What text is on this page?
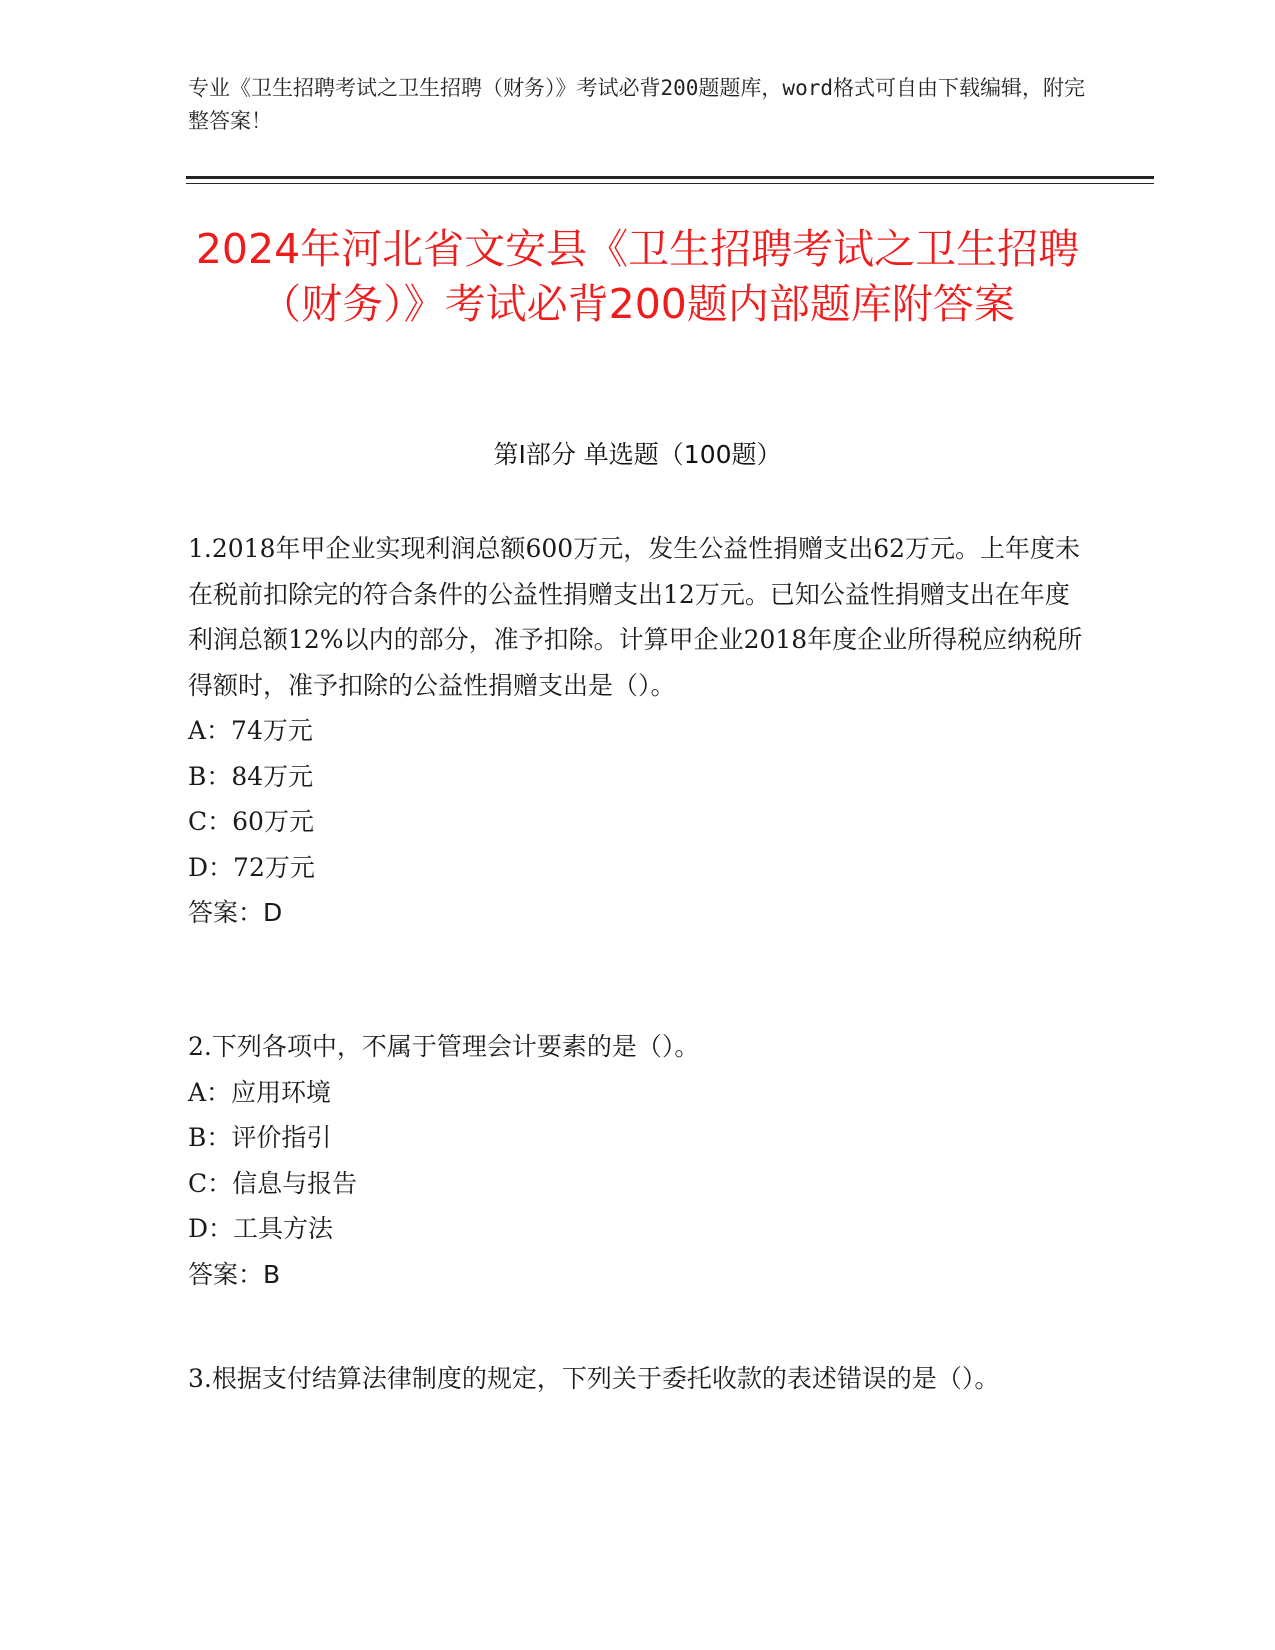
专业《卫生招聘考试之卫生招聘（财务）》考试必背200题题库，word格式可自由下载编辑，附完整答案！
2024年河北省文安县《卫生招聘考试之卫生招聘（财务）》考试必背200题内部题库附答案
第I部分 单选题（100题）
1.2018年甲企业实现利润总额600万元，发生公益性捐赠支出62万元。上年度未在税前扣除完的符合条件的公益性捐赠支出12万元。已知公益性捐赠支出在年度利润总额12%以内的部分，准予扣除。计算甲企业2018年度企业所得税应纳税所得额时，准予扣除的公益性捐赠支出是（）。
A：74万元
B：84万元
C：60万元
D：72万元
答案：D
2.下列各项中，不属于管理会计要素的是（）。
A：应用环境
B：评价指引
C：信息与报告
D：工具方法
答案：B
3.根据支付结算法律制度的规定，下列关于委托收款的表述错误的是（）。
